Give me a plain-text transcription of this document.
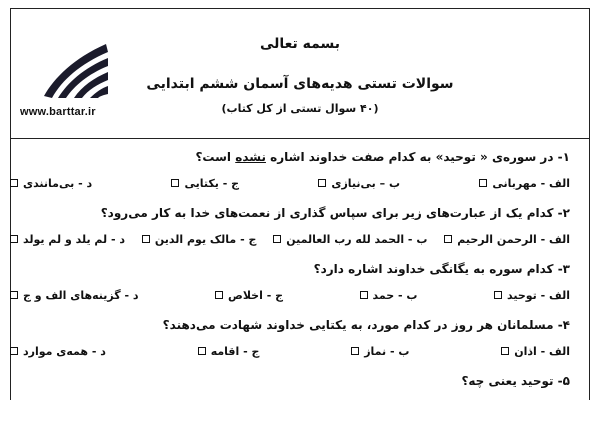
www.barttar.ir
بسمه تعالی
سوالات تستی هدیه‌های آسمان ششم ابتدایی
(۴۰ سوال تستی از کل کتاب)
۱- در سوره‌ی « توحید» به کدام صفت خداوند اشاره نشده است؟
الف - مهربانی
ب – بی‌نیازی
ج - یکتایی
د - بی‌مانندی
۲- کدام یک از عبارت‌های زیر برای سپاس گذاری از نعمت‌های خدا به کار می‌رود؟
الف - الرحمن الرحیم
ب - الحمد لله رب العالمین
ج - مالک یوم الدین
د - لم یلد و لم یولد
۳- کدام سوره به یگانگی خداوند اشاره دارد؟
الف - توحید
ب - حمد
ج - اخلاص
د - گزینه‌های الف و ج
۴- مسلمانان هر روز در کدام مورد، به یکتایی خداوند شهادت می‌دهند؟
الف - اذان
ب - نماز
ج - اقامه
د - همه‌ی موارد
۵- توحید یعنی چه؟
